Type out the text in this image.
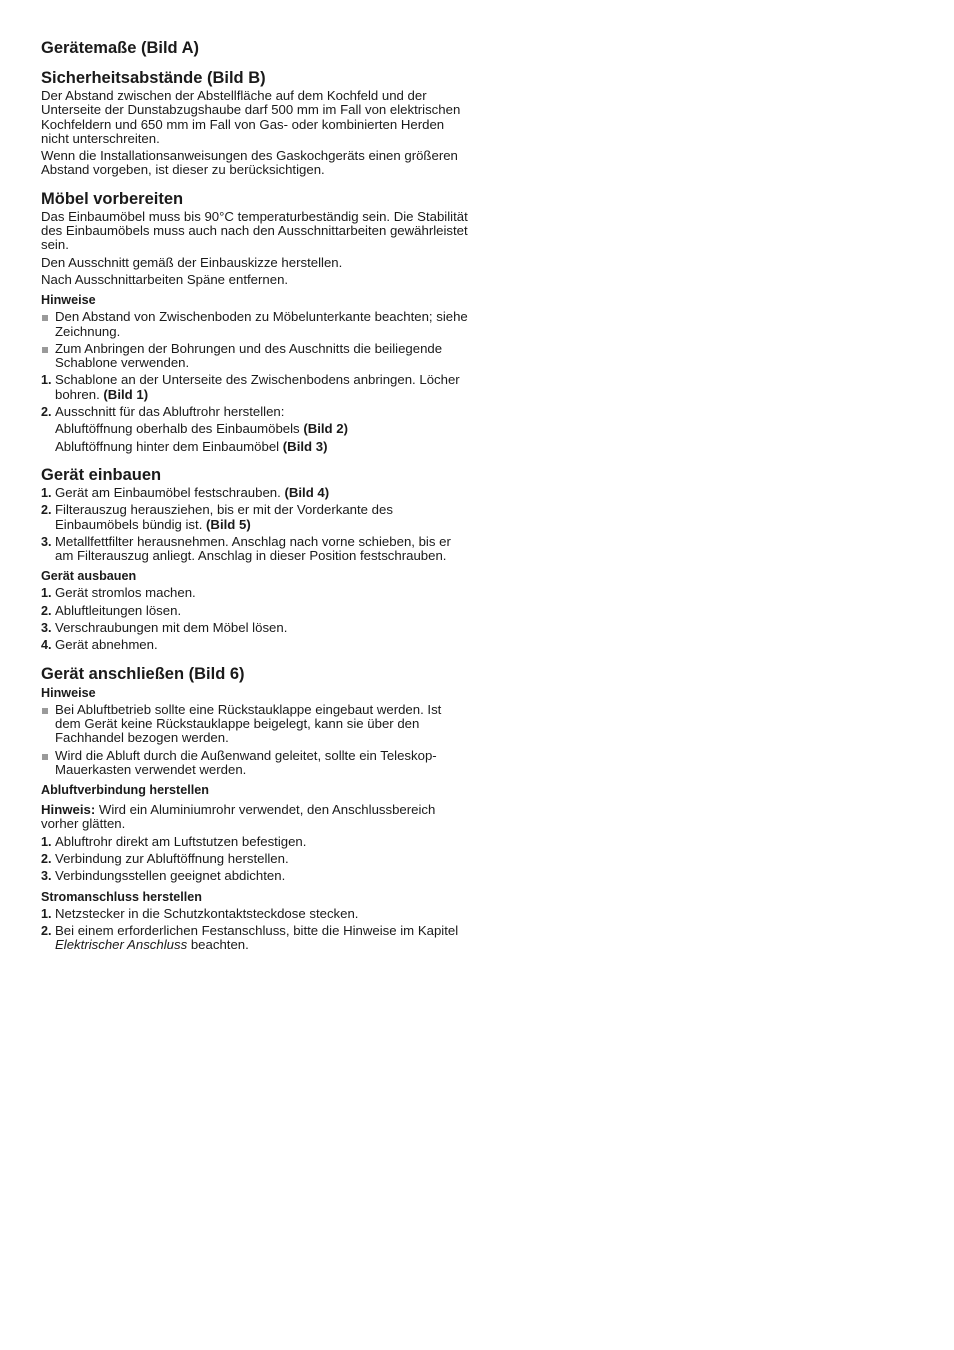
Gerätemaße (Bild A)
Sicherheitsabstände (Bild B)

Der Abstand zwischen der Abstellfläche auf dem Kochfeld und der Unterseite der Dunstabzugshaube darf 500 mm im Fall von elektrischen Kochfeldern und 650 mm im Fall von Gas- oder kombinierten Herden nicht unterschreiten.

Wenn die Installationsanweisungen des Gaskochgeräts einen größeren Abstand vorgeben, ist dieser zu berücksichtigen.

Möbel vorbereiten

Das Einbaumöbel muss bis 90°C temperaturbeständig sein. Die Stabilität des Einbaumöbels muss auch nach den Ausschnittarbeiten gewährleistet sein.

Den Ausschnitt gemäß der Einbauskizze herstellen.

Nach Ausschnittarbeiten Späne entfernen.

Hinweise
Den Abstand von Zwischenboden zu Möbelunterkante beachten; siehe Zeichnung.
Zum Anbringen der Bohrungen und des Auschnitts die beiliegende Schablone verwenden.
1. Schablone an der Unterseite des Zwischenbodens anbringen. Löcher bohren. (Bild 1)
2. Ausschnitt für das Abluftrohr herstellen:
Abluftöffnung oberhalb des Einbaumöbels (Bild 2)
Abluftöffnung hinter dem Einbaumöbel (Bild 3)
Gerät einbauen
1. Gerät am Einbaumöbel festschrauben. (Bild 4)
2. Filterauszug herausziehen, bis er mit der Vorderkante des Einbaumöbels bündig ist. (Bild 5)
3. Metallfettfilter herausnehmen. Anschlag nach vorne schieben, bis er am Filterauszug anliegt. Anschlag in dieser Position festschrauben.
Gerät ausbauen
1. Gerät stromlos machen.
2. Abluftleitungen lösen.
3. Verschraubungen mit dem Möbel lösen.
4. Gerät abnehmen.
Gerät anschließen (Bild 6)
Hinweise
Bei Abluftbetrieb sollte eine Rückstauklappe eingebaut werden. Ist dem Gerät keine Rückstauklappe beigelegt, kann sie über den Fachhandel bezogen werden.
Wird die Abluft durch die Außenwand geleitet, sollte ein Teleskop-Mauerkasten verwendet werden.
Abluftverbindung herstellen

Hinweis: Wird ein Aluminiumrohr verwendet, den Anschlussbereich vorher glätten.

1. Abluftrohr direkt am Luftstutzen befestigen.
2. Verbindung zur Abluftöffnung herstellen.
3. Verbindungsstellen geeignet abdichten.
Stromanschluss herstellen
1. Netzstecker in die Schutzkontaktsteckdose stecken.
2. Bei einem erforderlichen Festanschluss, bitte die Hinweise im Kapitel Elektrischer Anschluss beachten.
